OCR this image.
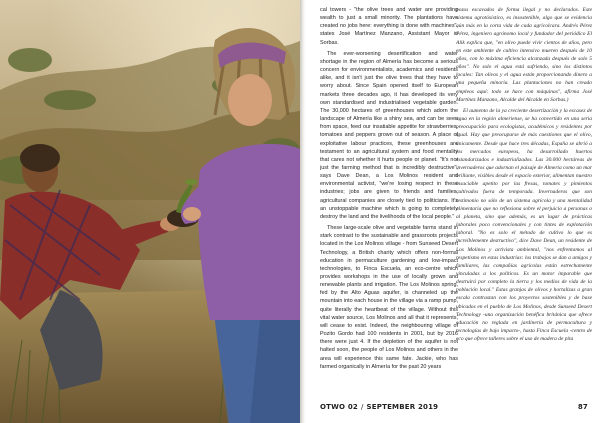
cal towers - "the olive trees and water are providing wealth to just a small minority. The plantations have created no jobs here: everything is done with machines", states José Martínez Manzano, Assistant Mayor in Sorbas.

The ever-worsening desertification and water shortage in the region of Almería has become a serious concern for environmentalists, academics and residents alike, and it isn't just the olive trees that they have to worry about. Since Spain opened itself to European markets three decades ago, it has developed its very own standardised and industrialised vegetable garden. The 30,000 hectares of greenhouses which adorn the landscape of Almería like a shiny sea, and can be seen from space, feed our insatiable appetite for strawberries, tomatoes and peppers grown out of season. A place of exploitative labour practices, these greenhouses are testament to an agricultural system and food mentality that cares not whether it hurts people or planet. "It's not just the farming method that is incredibly destructive", says Dave Dean, a Los Molinos resident and environmental activist, "we're losing respect in these industries; jobs are given to friends and families, agricultural companies are closely tied to politicians. It's an unstoppable machine which is going to completely destroy the land and the livelihoods of the local people."

These large-scale olive and vegetable farms stand in stark contrast to the sustainable and grassroots projects located in the Los Molinos village - from Sunseed Desert Technology, a British charity which offers non-formal education in permaculture gardening and low-impact technologies, to Finca Escuela, an eco-centre which provides workshops in the use of locally grown and renewable plants and irrigation. The Los Molinos spring, fed by the Alto Aguas aquifer, is channeled up the mountain into each house in the village via a ramp pump, quite literally the heartbeat of the village. Without this vital water source, Los Molinos and all that it represents, will cease to exist. Indeed, the neighbouring village of Pozito Gordo had 100 residents in 2001, but by 2016 there were just 4. If the depletion of the aquifer is not halted soon, the people of Los Molinos and others in the area will experience this same fate. Jackie, who has farmed organically in Almería for the past 20 years

pozos escavados de forma ilegal y no declarados. Este sistema agrotóxistico, es insostenible, algo que se evidencia aún más en la corta vida de cada agrícolcara. Andrés Pérez Pérez, ingeniero agrónomo local y fundador del periódico El Alik explica que, "en olivo puede vivir cientos de años, pero en este ambiente de cultivo intensivo mueren después de 10 años, con lo máxima eficiencia alcanzada después de solo 5 años". No solo el agua está sufriendo, sino los distintos locales: Tan olivos y el agua están proporcionando dinero a una pequeña minoría. Las plantaciones no han creado empleos aquí: todo se hace con máquinas", afirma José Martínez Manzano, Alcalde del Alcalde en Sorbas.)

El aumento de la ya creciente desertización y la escasez de agua en la región almeriense, se ha convertido en una seria preocupación para ecologistas, académicos y residentes por igual. Hay que preocuparse de más cuestiones que el olivo, únicamente. Desde que hace tres décadas, España se abrió a los mercados europeos, ha desarrollado huertos estandarizados e industrializados. Las 30.000 hectáreas de invernaderos que adornan el paisaje de Almería como un mar brillante, visibles desde el espacio exterior, alimentan nuestro insaciable apetito por las fresas, tomates y pimientos cultivados fuera de temporada. Invernaderos que son testimonio no sólo de un sistema agrícola y una mentalidad alimentaria que no reflexiona sobre el perjuicio a personas o al planeta, sino que además, es un lugar de prácticas laborales poco convencionales y con tintes de explotación laboral. "No es solo el método de cultivo lo que es increíblemente destructivo", dice Dave Dean, un residente de Los Molinos y activista ambiental, "nos enfrentamos al respetismo en estas industrias: los trabajos se dan a amigos y familiares, las compañías agrícolas están estrechamente vinculadas a los políticos. Es un motor imparable que destruirá por completo la tierra y los medios de vida de la población local." Estas granjas de olivos y hortalizas a gran escala contrastan con los proyectos sostenibles y de base ubicados en el pueblo de Los Molinos, desde Sunseed Desert Technology -una organización benéfica británica que ofrece educación no reglada en jardinería de permacultura y tecnologías de bajo impacto-, hasta Finca Escuela -centro de eco que ofrece talleres sobre el uso de madera de pita

OTWO 02 / SEPTEMBER 2019	87
